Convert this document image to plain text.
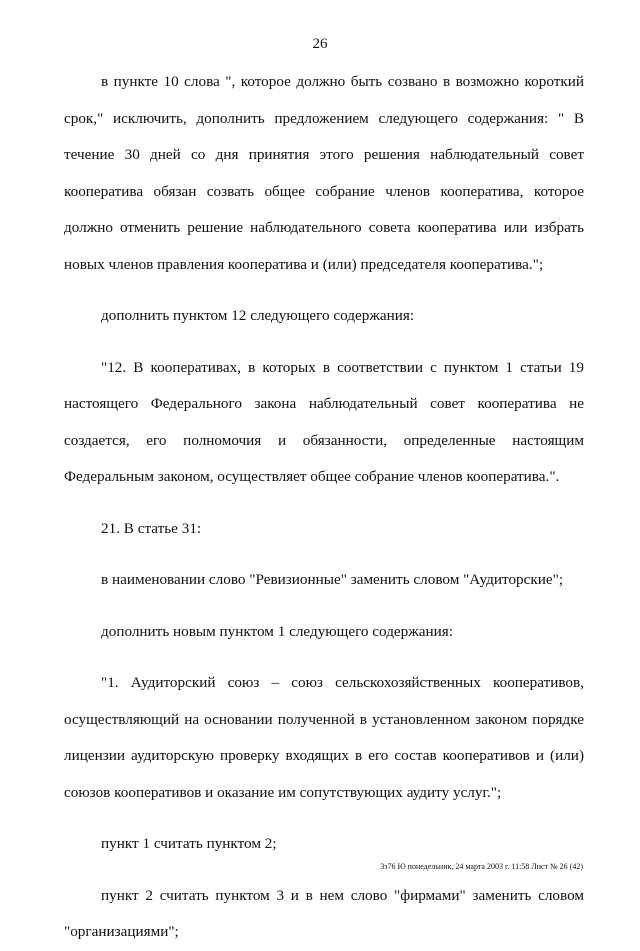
26

в пункте 10 слова ", которое должно быть созвано в возможно короткий срок," исключить, дополнить предложением следующего содержания: " В течение 30 дней со дня принятия этого решения наблюдательный совет кооператива обязан созвать общее собрание членов кооператива, которое должно отменить решение наблюдательного совета кооператива или избрать новых членов правления кооператива и (или) председателя кооператива.";

дополнить пунктом 12 следующего содержания:

"12. В кооперативах, в которых в соответствии с пунктом 1 статьи 19 настоящего Федерального закона наблюдательный совет кооператива не создается, его полномочия и обязанности, определенные настоящим Федеральным законом, осуществляет общее собрание членов кооператива.".

21. В статье 31:

в наименовании слово "Ревизионные" заменить словом "Аудиторские";

дополнить новым пунктом 1 следующего содержания:

"1. Аудиторский союз – союз сельскохозяйственных кооперативов, осуществляющий на основании полученной в установленном законом порядке лицензии аудиторскую проверку входящих в его состав кооперативов и (или) союзов кооперативов и оказание им сопутствующих аудиту услуг.";

пункт 1 считать пунктом 2;

пункт 2 считать пунктом 3 и в нем слово "фирмами" заменить словом "организациями";

3з76 Ю понедельник, 24 марта 2003 г. 11:58 Лист № 26 (42)
